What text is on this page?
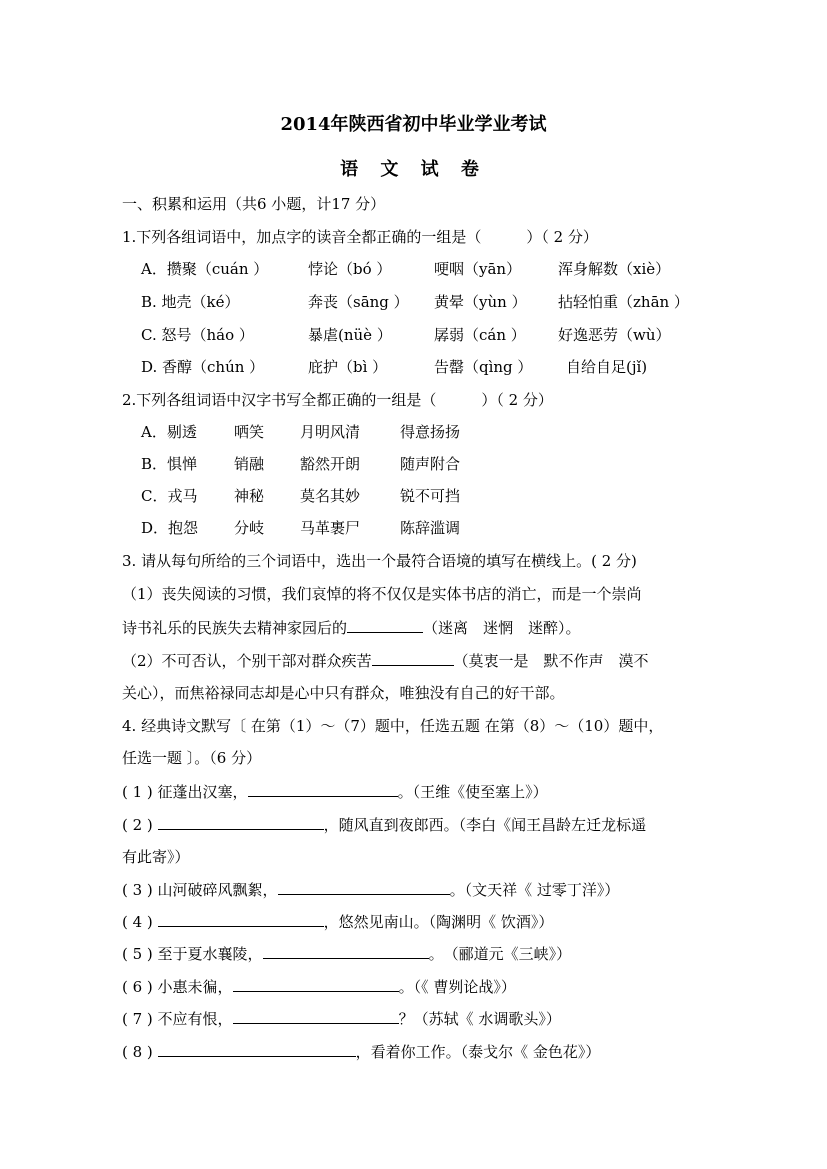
2014年陕西省初中毕业学业考试
语 文 试 卷
一、积累和运用（共6 小题，计17 分）
1.下列各组词语中，加点字的读音全都正确的一组是（　　　）（ 2 分）
A．攒聚（cuán ）	悖论（bó ）	哽咽（yān） 浑身解数（xiè）
B. 地壳（ké）	奔丧（sāng ） 黄晕（yùn ） 拈轻怕重（zhān ）
C. 怒号（háo ）	暴虐(nüè ）	孱弱（cán ） 好逸恶劳（wù）
D. 香醇（chún ）	庇护（bì ）	告罄（qìng ） 自给自足(jǐ)
2.下列各组词语中汉字书写全都正确的一组是（　　　）（ 2 分）
A．剔透 哂笑 月明风清	得意扬扬
B．惧惮 销融 豁然开朗	随声附合
C．戎马 神秘 莫名其妙	锐不可挡
D．抱怨 分岐 马革裹尸	陈辞滥调
3. 请从每句所给的三个词语中，选出一个最符合语境的填写在横线上。( 2 分)
（1）丧失阅读的习惯，我们哀悼的将不仅仅是实体书店的消亡，而是一个崇尚
诗书礼乐的民族失去精神家园后的	（迷离　迷惘　迷醉）。
（2）不可否认，个别干部对群众疾苦	（莫衷一是　默不作声　漠不
关心），而焦裕禄同志却是心中只有群众，唯独没有自己的好干部。
4. 经典诗文默写〔 在第（1）～（7）题中，任选五题 在第（8）～（10）题中，
任选一题 〕。（6 分）
( 1 ) 征蓬出汉塞，	。（王维《使至塞上》）
( 2 )	，随风直到夜郎西。（李白《闻王昌龄左迁龙标遥
有此寄》）
( 3 ) 山河破碎风飘絮，	。（文天祥《 过零丁洋》）
( 4 )	，悠然见南山。（陶渊明《 饮酒》）
( 5 ) 至于夏水襄陵，	。　（郦道元《三峡》）
( 6 ) 小惠未徧，	。（《 曹刿论战》）
( 7 ) 不应有恨，	？（苏轼《 水调歌头》）
( 8 )	，看着你工作。（泰戈尔《 金色花》）
